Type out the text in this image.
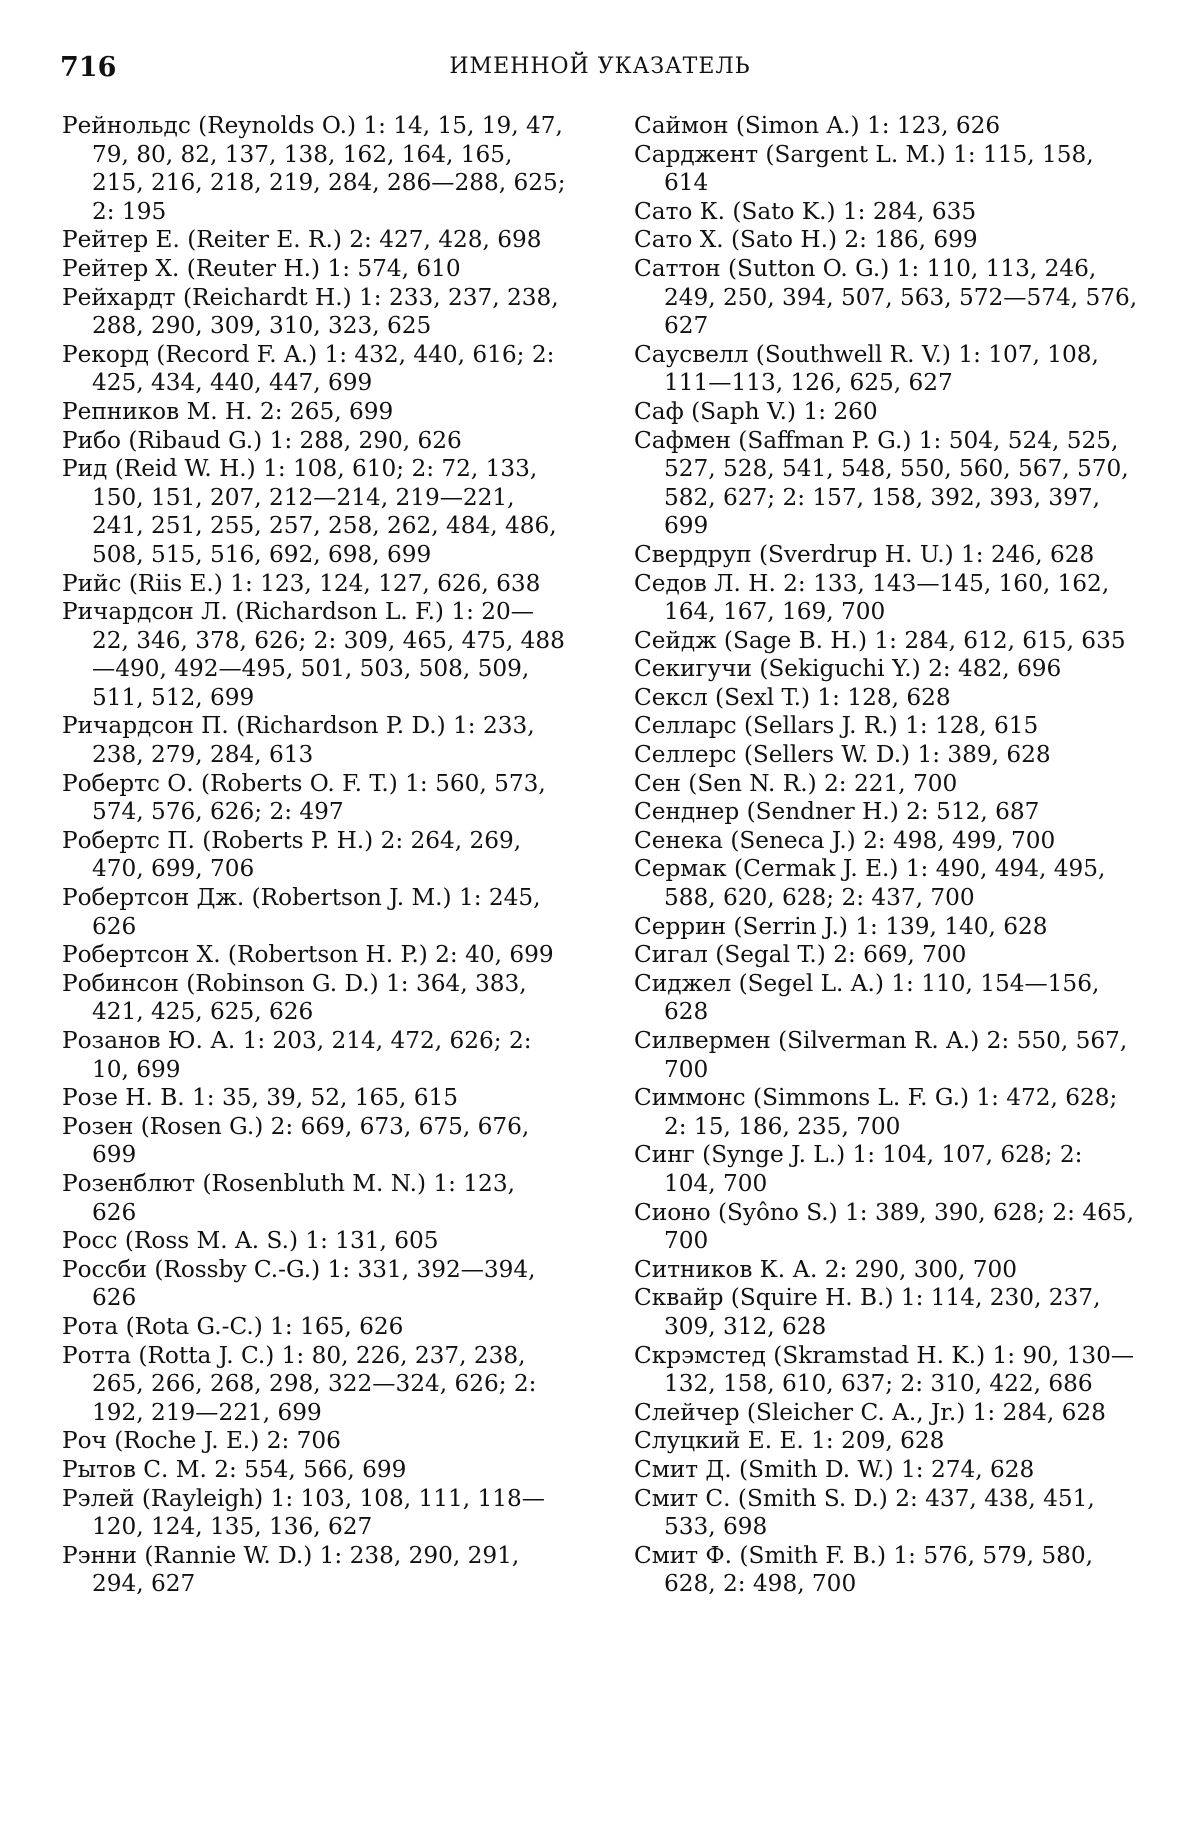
716	ИМЕННОЙ УКАЗАТЕЛЬ

Рейнольдс (Reynolds O.) 1: 14, 15, 19, 47, 79, 80, 82, 137, 138, 162, 164, 165, 215, 216, 218, 219, 284, 286—288, 625; 2: 195

Рейтер Е. (Reiter E. R.) 2: 427, 428, 698

Рейтер X. (Reuter H.) 1: 574, 610

Рейхардт (Reichardt H.) 1: 233, 237, 238, 288, 290, 309, 310, 323, 625

Рекорд (Record F. A.) 1: 432, 440, 616; 2: 425, 434, 440, 447, 699

Репников М. Н. 2: 265, 699

Рибо (Ribaud G.) 1: 288, 290, 626

Рид (Reid W. H.) 1: 108, 610; 2: 72, 133, 150, 151, 207, 212—214, 219—221, 241, 251, 255, 257, 258, 262, 484, 486, 508, 515, 516, 692, 698, 699

Рийс (Riis E.) 1: 123, 124, 127, 626, 638

Ричардсон Л. (Richardson L. F.) 1: 20—22, 346, 378, 626; 2: 309, 465, 475, 488—490, 492—495, 501, 503, 508, 509, 511, 512, 699

Ричардсон П. (Richardson P. D.) 1: 233, 238, 279, 284, 613

Робертс О. (Roberts O. F. T.) 1: 560, 573, 574, 576, 626; 2: 497

Робертс П. (Roberts P. H.) 2: 264, 269, 470, 699, 706

Робертсон Дж. (Robertson J. M.) 1: 245, 626

Робертсон Х. (Robertson H. P.) 2: 40, 699

Робинсон (Robinson G. D.) 1: 364, 383, 421, 425, 625, 626

Розанов Ю. А. 1: 203, 214, 472, 626; 2: 10, 699

Розе Н. В. 1: 35, 39, 52, 165, 615

Розен (Rosen G.) 2: 669, 673, 675, 676, 699

Розенблют (Rosenbluth M. N.) 1: 123, 626

Росс (Ross M. A. S.) 1: 131, 605

Россби (Rossby C.-G.) 1: 331, 392—394, 626

Рота (Rota G.-C.) 1: 165, 626

Ротта (Rotta J. C.) 1: 80, 226, 237, 238, 265, 266, 268, 298, 322—324, 626; 2: 192, 219—221, 699

Роч (Roche J. E.) 2: 706

Рытов С. М. 2: 554, 566, 699

Рэлей (Rayleigh) 1: 103, 108, 111, 118—120, 124, 135, 136, 627

Рэнни (Rannie W. D.) 1: 238, 290, 291, 294, 627

Саймон (Simon A.) 1: 123, 626

Сарджент (Sargent L. M.) 1: 115, 158, 614

Сато К. (Sato K.) 1: 284, 635

Сато Х. (Sato H.) 2: 186, 699

Саттон (Sutton O. G.) 1: 110, 113, 246, 249, 250, 394, 507, 563, 572—574, 576, 627

Саусвелл (Southwell R. V.) 1: 107, 108, 111—113, 126, 625, 627

Саф (Saph V.) 1: 260

Сафмен (Saffman P. G.) 1: 504, 524, 525, 527, 528, 541, 548, 550, 560, 567, 570, 582, 627; 2: 157, 158, 392, 393, 397, 699

Свердруп (Sverdrup H. U.) 1: 246, 628

Седов Л. Н. 2: 133, 143—145, 160, 162, 164, 167, 169, 700

Сейдж (Sage B. H.) 1: 284, 612, 615, 635

Секигучи (Sekiguchi Y.) 2: 482, 696

Сексл (Sexl T.) 1: 128, 628

Селларс (Sellars J. R.) 1: 128, 615

Селлерс (Sellers W. D.) 1: 389, 628

Сен (Sen N. R.) 2: 221, 700

Сенднер (Sendner H.) 2: 512, 687

Сенека (Seneca J.) 2: 498, 499, 700

Сермак (Cermak J. E.) 1: 490, 494, 495, 588, 620, 628; 2: 437, 700

Серрин (Serrin J.) 1: 139, 140, 628

Сигал (Segal T.) 2: 669, 700

Сиджел (Segel L. A.) 1: 110, 154—156, 628

Силвермен (Silverman R. A.) 2: 550, 567, 700

Симмонс (Simmons L. F. G.) 1: 472, 628; 2: 15, 186, 235, 700

Синг (Synge J. L.) 1: 104, 107, 628; 2: 104, 700

Сионо (Syôno S.) 1: 389, 390, 628; 2: 465, 700

Ситников К. А. 2: 290, 300, 700

Сквайр (Squire H. B.) 1: 114, 230, 237, 309, 312, 628

Скрэмстед (Skramstad H. K.) 1: 90, 130—132, 158, 610, 637; 2: 310, 422, 686

Слейчер (Sleicher C. A., Jr.) 1: 284, 628

Слуцкий Е. Е. 1: 209, 628

Смит Д. (Smith D. W.) 1: 274, 628

Смит С. (Smith S. D.) 2: 437, 438, 451, 533, 698

Смит Ф. (Smith F. B.) 1: 576, 579, 580, 628, 2: 498, 700
